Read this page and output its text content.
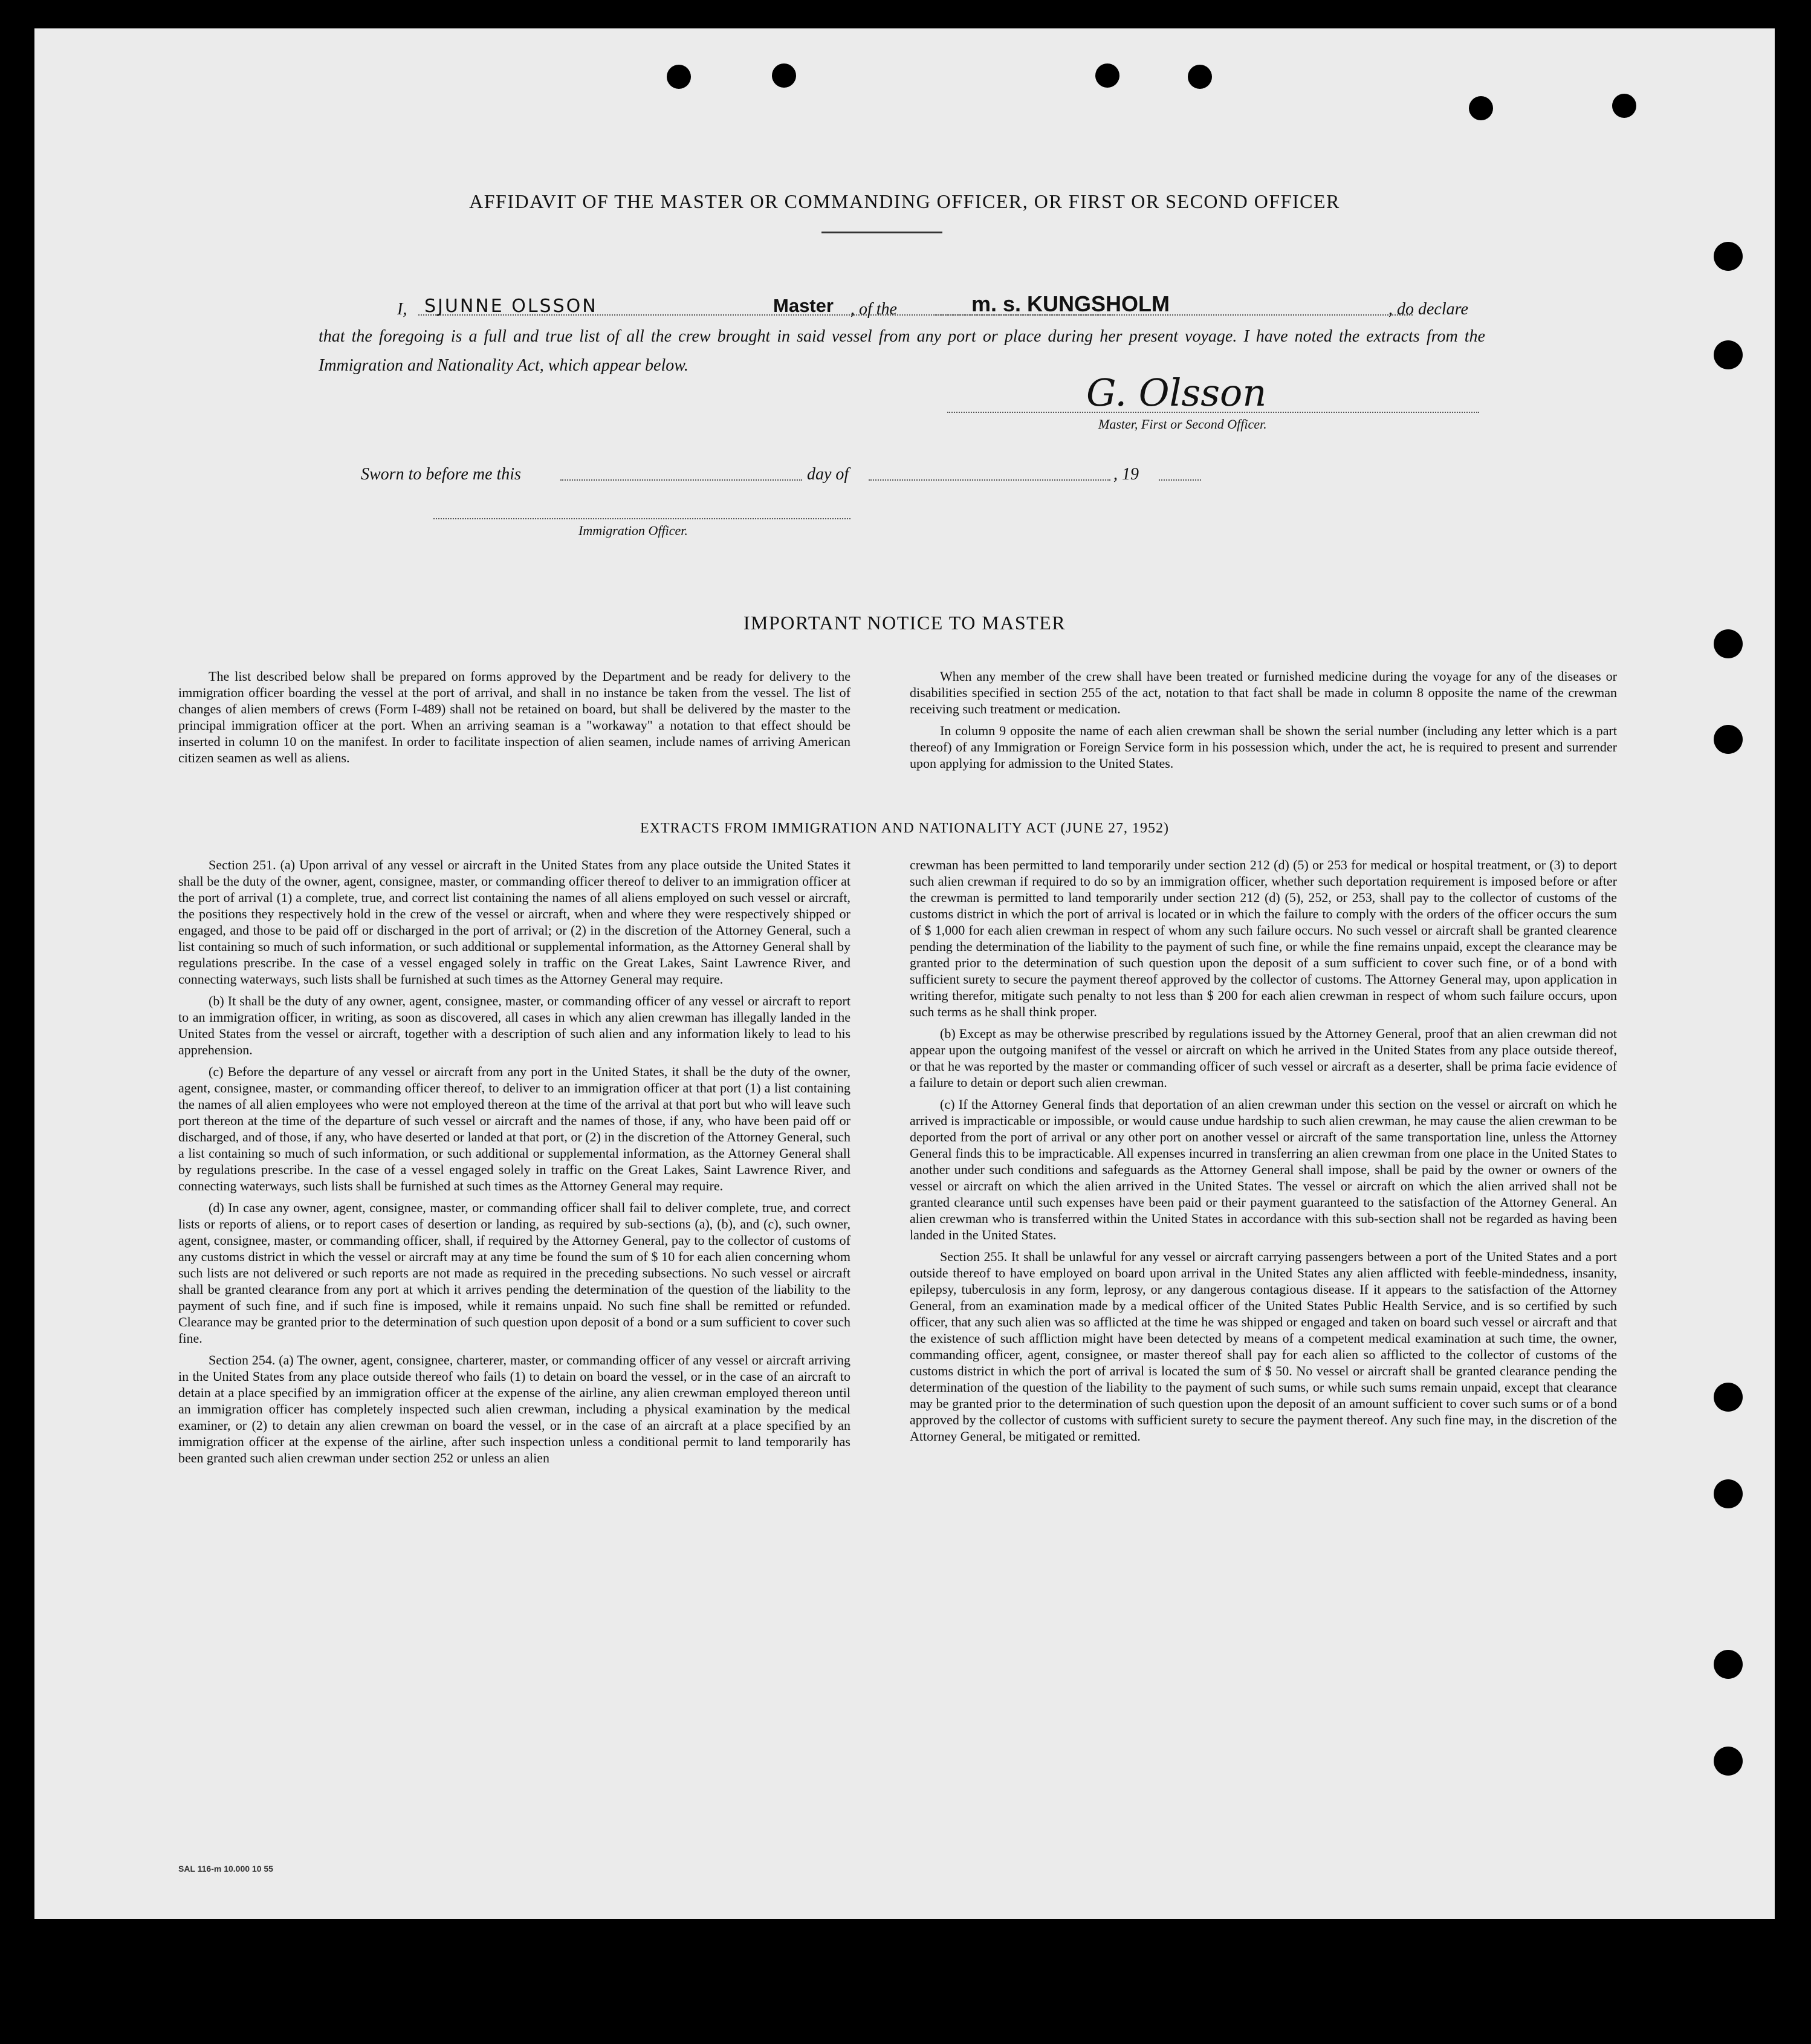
AFFIDAVIT OF THE MASTER OR COMMANDING OFFICER, OR FIRST OR SECOND OFFICER
I, SJUNNE OLSSON	Master , of the	m. s. KUNGSHOLM	, do declare
that the foregoing is a full and true list of all the crew brought in said vessel from any port or place during her present voyage. I have noted the extracts from the Immigration and Nationality Act, which appear below.
G. Olsson
Master, First or Second Officer.
Sworn to before me this	day of	, 19
Immigration Officer.
IMPORTANT NOTICE TO MASTER

The list described below shall be prepared on forms approved by the Department and be ready for delivery to the immigration officer boarding the vessel at the port of arrival, and shall in no instance be taken from the vessel. The list of changes of alien members of crews (Form I-489) shall not be retained on board, but shall be delivered by the master to the principal immigration officer at the port. When an arriving seaman is a "workaway" a notation to that effect should be inserted in column 10 on the manifest. In order to facilitate inspection of alien seamen, include names of arriving American citizen seamen as well as aliens.

When any member of the crew shall have been treated or furnished medicine during the voyage for any of the diseases or disabilities specified in section 255 of the act, notation to that fact shall be made in column 8 opposite the name of the crewman receiving such treatment or medication.

In column 9 opposite the name of each alien crewman shall be shown the serial number (including any letter which is a part thereof) of any Immigration or Foreign Service form in his possession which, under the act, he is required to present and surrender upon applying for admission to the United States.

EXTRACTS FROM IMMIGRATION AND NATIONALITY ACT (JUNE 27, 1952)

Section 251. (a) Upon arrival of any vessel or aircraft in the United States from any place outside the United States it shall be the duty of the owner, agent, consignee, master, or commanding officer thereof to deliver to an immigration officer at the port of arrival (1) a complete, true, and correct list containing the names of all aliens employed on such vessel or aircraft, the positions they respectively hold in the crew of the vessel or aircraft, when and where they were respectively shipped or engaged, and those to be paid off or discharged in the port of arrival; or (2) in the discretion of the Attorney General, such a list containing so much of such information, or such additional or supplemental information, as the Attorney General shall by regulations prescribe. In the case of a vessel engaged solely in traffic on the Great Lakes, Saint Lawrence River, and connecting waterways, such lists shall be furnished at such times as the Attorney General may require.

(b) It shall be the duty of any owner, agent, consignee, master, or commanding officer of any vessel or aircraft to report to an immigration officer, in writing, as soon as discovered, all cases in which any alien crewman has illegally landed in the United States from the vessel or aircraft, together with a description of such alien and any information likely to lead to his apprehension.

(c) Before the departure of any vessel or aircraft from any port in the United States, it shall be the duty of the owner, agent, consignee, master, or commanding officer thereof, to deliver to an immigration officer at that port (1) a list containing the names of all alien employees who were not employed thereon at the time of the arrival at that port but who will leave such port thereon at the time of the departure of such vessel or aircraft and the names of those, if any, who have been paid off or discharged, and of those, if any, who have deserted or landed at that port, or (2) in the discretion of the Attorney General, such a list containing so much of such information, or such additional or supplemental information, as the Attorney General shall by regulations prescribe. In the case of a vessel engaged solely in traffic on the Great Lakes, Saint Lawrence River, and connecting waterways, such lists shall be furnished at such times as the Attorney General may require.

(d) In case any owner, agent, consignee, master, or commanding officer shall fail to deliver complete, true, and correct lists or reports of aliens, or to report cases of desertion or landing, as required by sub-sections (a), (b), and (c), such owner, agent, consignee, master, or commanding officer, shall, if required by the Attorney General, pay to the collector of customs of any customs district in which the vessel or aircraft may at any time be found the sum of $ 10 for each alien concerning whom such lists are not delivered or such reports are not made as required in the preceding subsections. No such vessel or aircraft shall be granted clearance from any port at which it arrives pending the determination of the question of the liability to the payment of such fine, and if such fine is imposed, while it remains unpaid. No such fine shall be remitted or refunded. Clearance may be granted prior to the determination of such question upon deposit of a bond or a sum sufficient to cover such fine.

Section 254. (a) The owner, agent, consignee, charterer, master, or commanding officer of any vessel or aircraft arriving in the United States from any place outside thereof who fails (1) to detain on board the vessel, or in the case of an aircraft to detain at a place specified by an immigration officer at the expense of the airline, any alien crewman employed thereon until an immigration officer has completely inspected such alien crewman, including a physical examination by the medical examiner, or (2) to detain any alien crewman on board the vessel, or in the case of an aircraft at a place specified by an immigration officer at the expense of the airline, after such inspection unless a conditional permit to land temporarily has been granted such alien crewman under section 252 or unless an alien

crewman has been permitted to land temporarily under section 212 (d) (5) or 253 for medical or hospital treatment, or (3) to deport such alien crewman if required to do so by an immigration officer, whether such deportation requirement is imposed before or after the crewman is permitted to land temporarily under section 212 (d) (5), 252, or 253, shall pay to the collector of customs of the customs district in which the port of arrival is located or in which the failure to comply with the orders of the officer occurs the sum of $ 1,000 for each alien crewman in respect of whom any such failure occurs. No such vessel or aircraft shall be granted clearence pending the determination of the liability to the payment of such fine, or while the fine remains unpaid, except the clearance may be granted prior to the determination of such question upon the deposit of a sum sufficient to cover such fine, or of a bond with sufficient surety to secure the payment thereof approved by the collector of customs. The Attorney General may, upon application in writing therefor, mitigate such penalty to not less than $ 200 for each alien crewman in respect of whom such failure occurs, upon such terms as he shall think proper.

(b) Except as may be otherwise prescribed by regulations issued by the Attorney General, proof that an alien crewman did not appear upon the outgoing manifest of the vessel or aircraft on which he arrived in the United States from any place outside thereof, or that he was reported by the master or commanding officer of such vessel or aircraft as a deserter, shall be prima facie evidence of a failure to detain or deport such alien crewman.

(c) If the Attorney General finds that deportation of an alien crewman under this section on the vessel or aircraft on which he arrived is impracticable or impossible, or would cause undue hardship to such alien crewman, he may cause the alien crewman to be deported from the port of arrival or any other port on another vessel or aircraft of the same transportation line, unless the Attorney General finds this to be impracticable. All expenses incurred in transferring an alien crewman from one place in the United States to another under such conditions and safeguards as the Attorney General shall impose, shall be paid by the owner or owners of the vessel or aircraft on which the alien arrived in the United States. The vessel or aircraft on which the alien arrived shall not be granted clearance until such expenses have been paid or their payment guaranteed to the satisfaction of the Attorney General. An alien crewman who is transferred within the United States in accordance with this sub-section shall not be regarded as having been landed in the United States.

Section 255. It shall be unlawful for any vessel or aircraft carrying passengers between a port of the United States and a port outside thereof to have employed on board upon arrival in the United States any alien afflicted with feeble-mindedness, insanity, epilepsy, tuberculosis in any form, leprosy, or any dangerous contagious disease. If it appears to the satisfaction of the Attorney General, from an examination made by a medical officer of the United States Public Health Service, and is so certified by such officer, that any such alien was so afflicted at the time he was shipped or engaged and taken on board such vessel or aircraft and that the existence of such affliction might have been detected by means of a competent medical examination at such time, the owner, commanding officer, agent, consignee, or master thereof shall pay for each alien so afflicted to the collector of customs of the customs district in which the port of arrival is located the sum of $ 50. No vessel or aircraft shall be granted clearance pending the determination of the question of the liability to the payment of such sums, or while such sums remain unpaid, except that clearance may be granted prior to the determination of such question upon the deposit of an amount sufficient to cover such sums or of a bond approved by the collector of customs with sufficient surety to secure the payment thereof. Any such fine may, in the discretion of the Attorney General, be mitigated or remitted.

SAL 116-m 10.000 10 55
